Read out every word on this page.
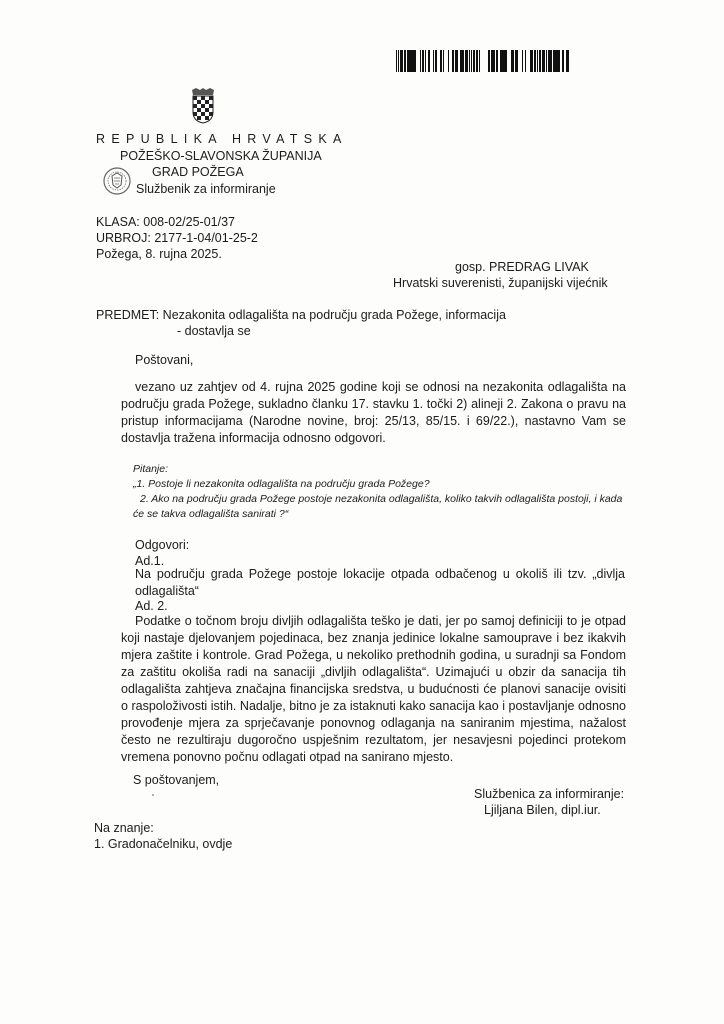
REPUBLIKA HRVATSKA
POŽEŠKO-SLAVONSKA ŽUPANIJA
GRAD POŽEGA
Službenik za informiranje
KLASA: 008-02/25-01/37
URBROJ: 2177-1-04/01-25-2
Požega, 8. rujna 2025.
gosp. PREDRAG LIVAK
Hrvatski suverenisti, županijski vijećnik
PREDMET: Nezakonita odlagališta na području grada Požege, informacija
- dostavlja se
Poštovani,
vezano uz zahtjev od 4. rujna 2025 godine koji se odnosi na nezakonita odlagališta na području grada Požege, sukladno članku 17. stavku 1. točki 2) alineji 2. Zakona o pravu na pristup informacijama (Narodne novine, broj: 25/13, 85/15. i 69/22.), nastavno Vam se dostavlja tražena informacija odnosno odgovori.
Pitanje:
„1. Postoje li nezakonita odlagališta na području grada Požege?
2. Ako na području grada Požege postoje nezakonita odlagališta, koliko takvih odlagališta postoji, i kada
će se takva odlagališta sanirati ?“
Odgovori:
Ad.1.
Na području grada Požege postoje lokacije otpada odbačenog u okoliš ili tzv. „divlja odlagališta“
Ad. 2.
Podatke o točnom broju divljih odlagališta teško je dati, jer po samoj definiciji to je otpad koji nastaje djelovanjem pojedinaca, bez znanja jedinice lokalne samouprave i bez ikakvih mjera zaštite i kontrole. Grad Požega, u nekoliko prethodnih godina, u suradnji sa Fondom za zaštitu okoliša radi na sanaciji „divljih odlagališta“. Uzimajući u obzir da sanacija tih odlagališta zahtjeva značajna financijska sredstva, u budućnosti će planovi sanacije ovisiti o raspoloživosti istih. Nadalje, bitno je za istaknuti kako sanacija kao i postavljanje odnosno provođenje mjera za sprječavanje ponovnog odlaganja na saniranim mjestima, nažalost često ne rezultiraju dugoročno uspješnim rezultatom, jer nesavjesni pojedinci protekom vremena ponovno počnu odlagati otpad na sanirano mjesto.
S poštovanjem,
Službenica za informiranje:
Ljiljana Bilen, dipl.iur.
Na znanje:
1. Gradonačelniku, ovdje
